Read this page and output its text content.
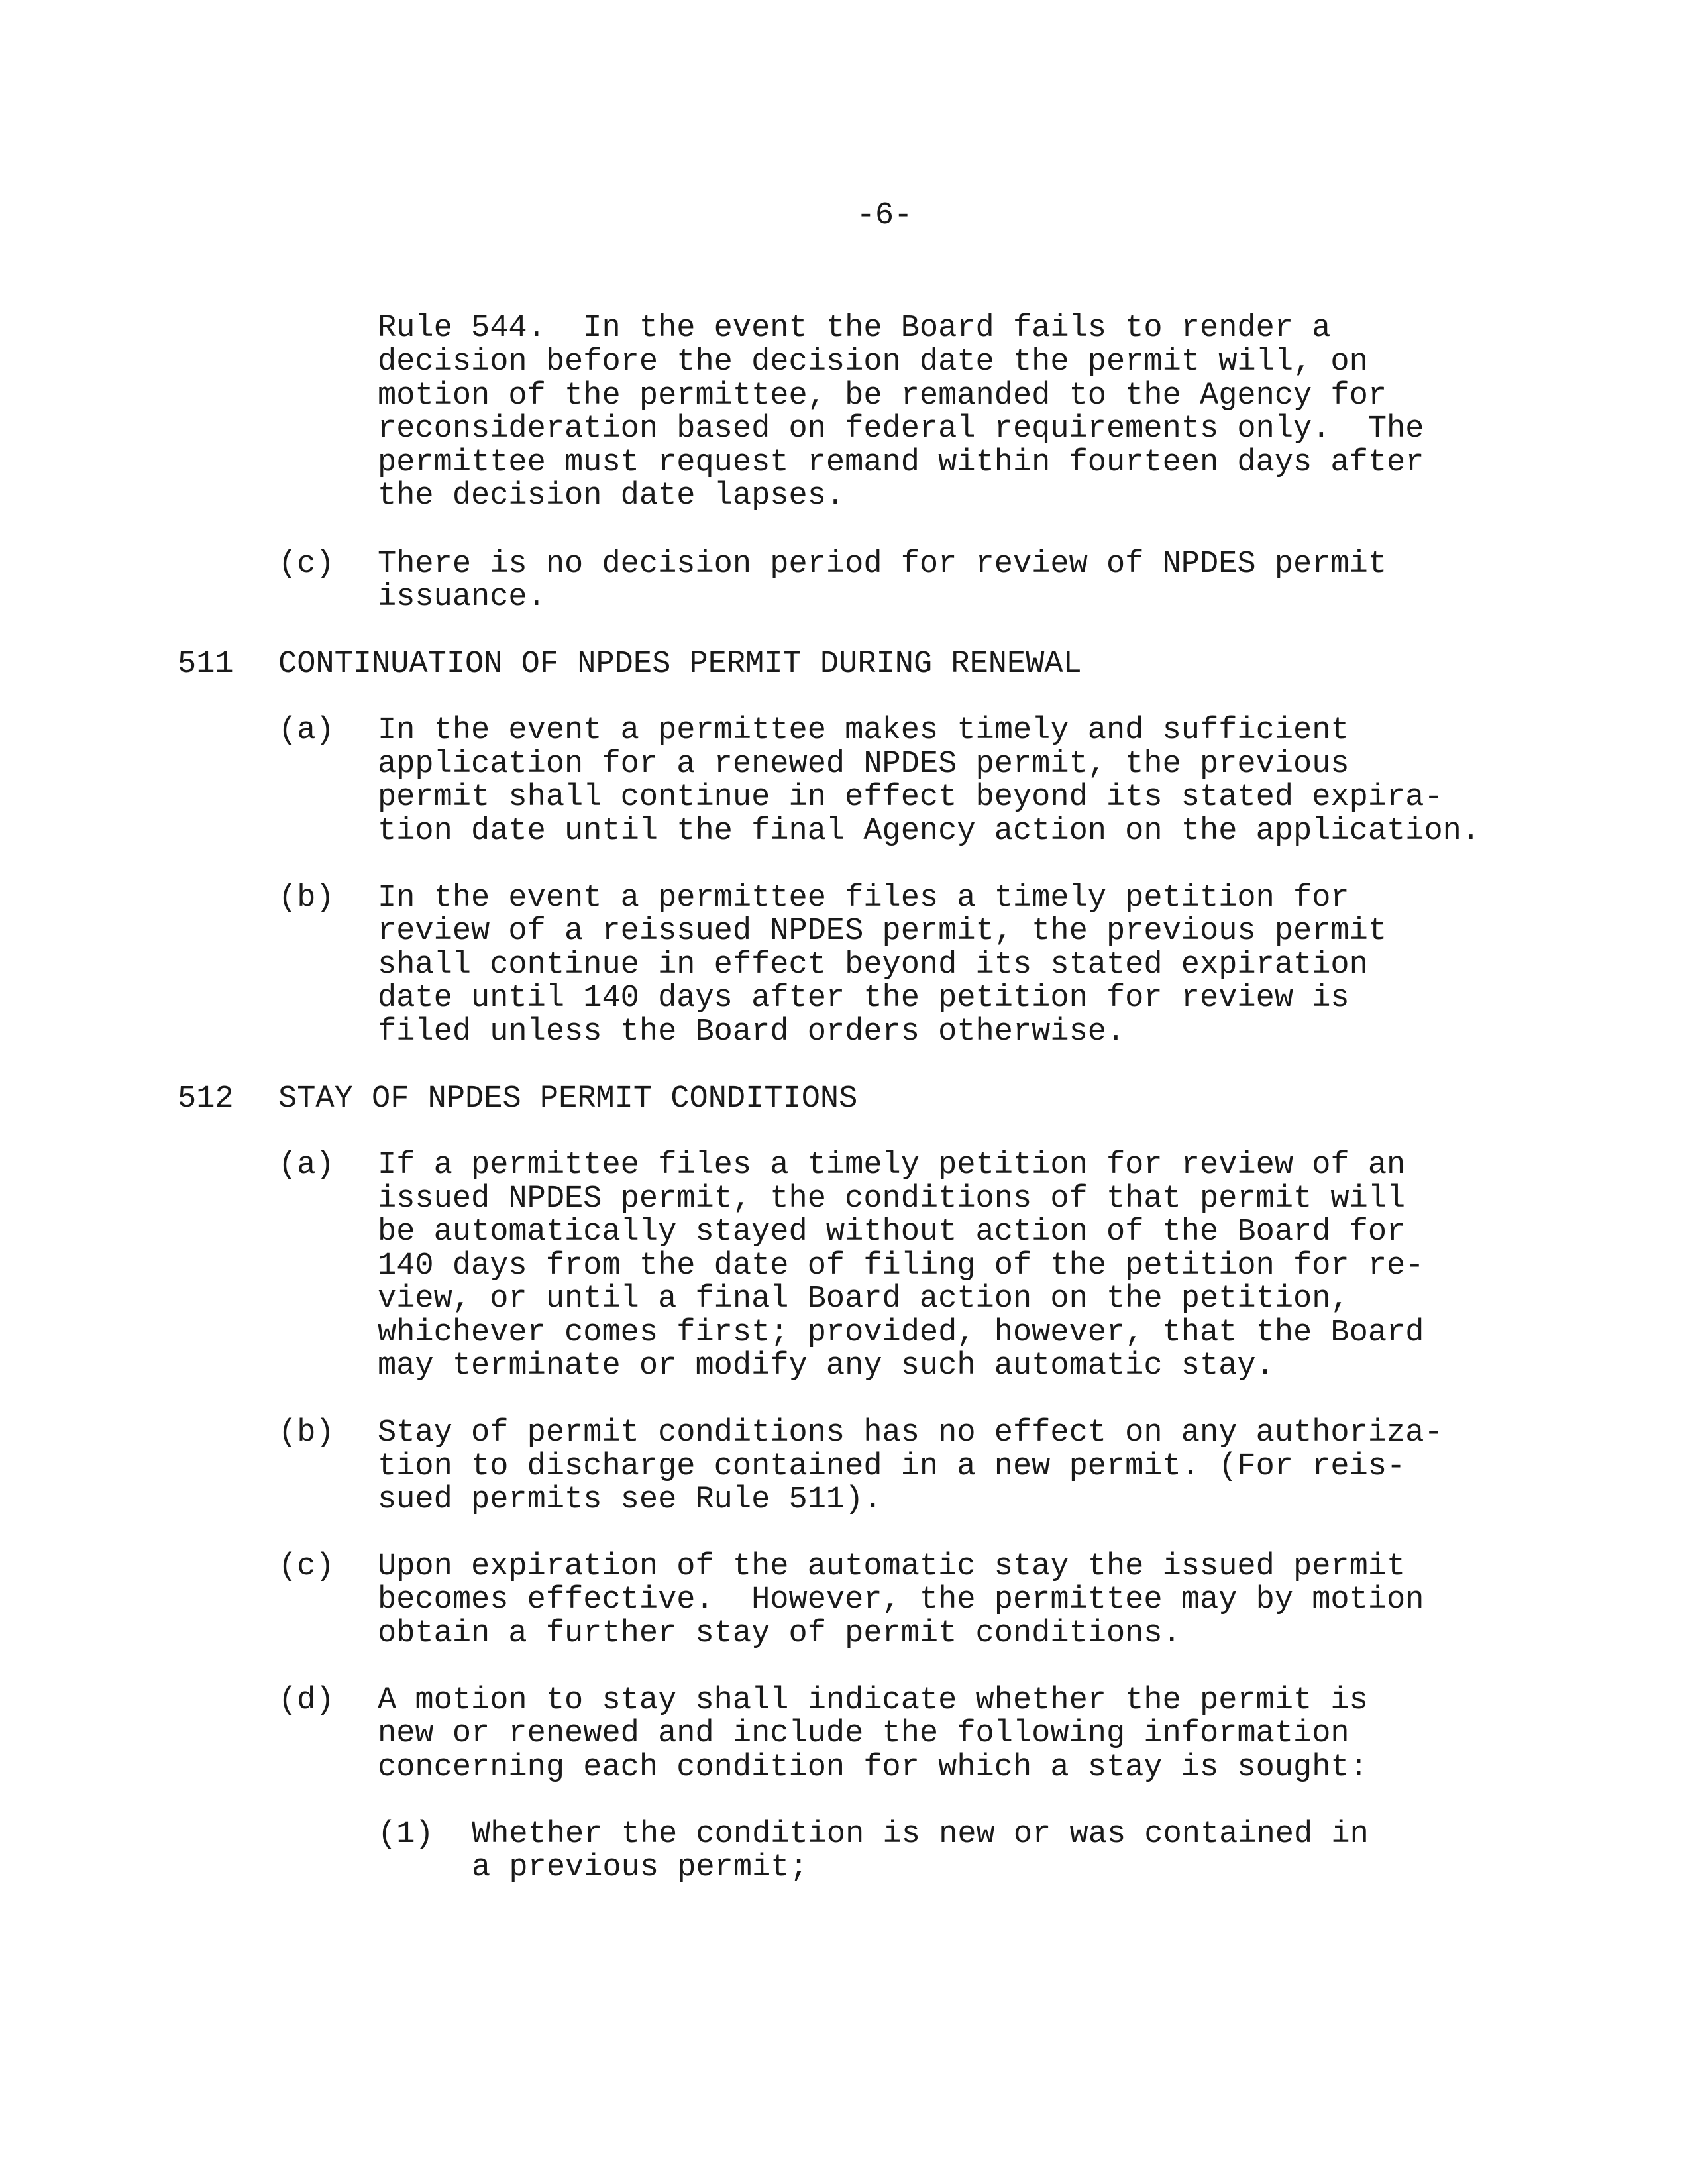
-6-

Rule 544.  In the event the Board fails to render a

decision before the decision date the permit will, on

motion of the permittee, be remanded to the Agency for

reconsideration based on federal requirements only.  The

permittee must request remand within fourteen days after

the decision date lapses.

(c) There is no decision period for review of NPDES permit

issuance.

511 CONTINUATION OF NPDES PERMIT DURING RENEWAL

(a) In the event a permittee makes timely and sufficient

application for a renewed NPDES permit, the previous

permit shall continue in effect beyond its stated expira-

tion date until the final Agency action on the application.

(b) In the event a permittee files a timely petition for

review of a reissued NPDES permit, the previous permit

shall continue in effect beyond its stated expiration

date until 140 days after the petition for review is

filed unless the Board orders otherwise.

512 STAY OF NPDES PERMIT CONDITIONS

(a) If a permittee files a timely petition for review of an

issued NPDES permit, the conditions of that permit will

be automatically stayed without action of the Board for

140 days from the date of filing of the petition for re-

view, or until a final Board action on the petition,

whichever comes first; provided, however, that the Board

may terminate or modify any such automatic stay.

(b) Stay of permit conditions has no effect on any authoriza-

tion to discharge contained in a new permit. (For reis-

sued permits see Rule 511).

(c) Upon expiration of the automatic stay the issued permit

becomes effective.  However, the permittee may by motion

obtain a further stay of permit conditions.

(d) A motion to stay shall indicate whether the permit is

new or renewed and include the following information

concerning each condition for which a stay is sought:

(1) Whether the condition is new or was contained in

a previous permit;
